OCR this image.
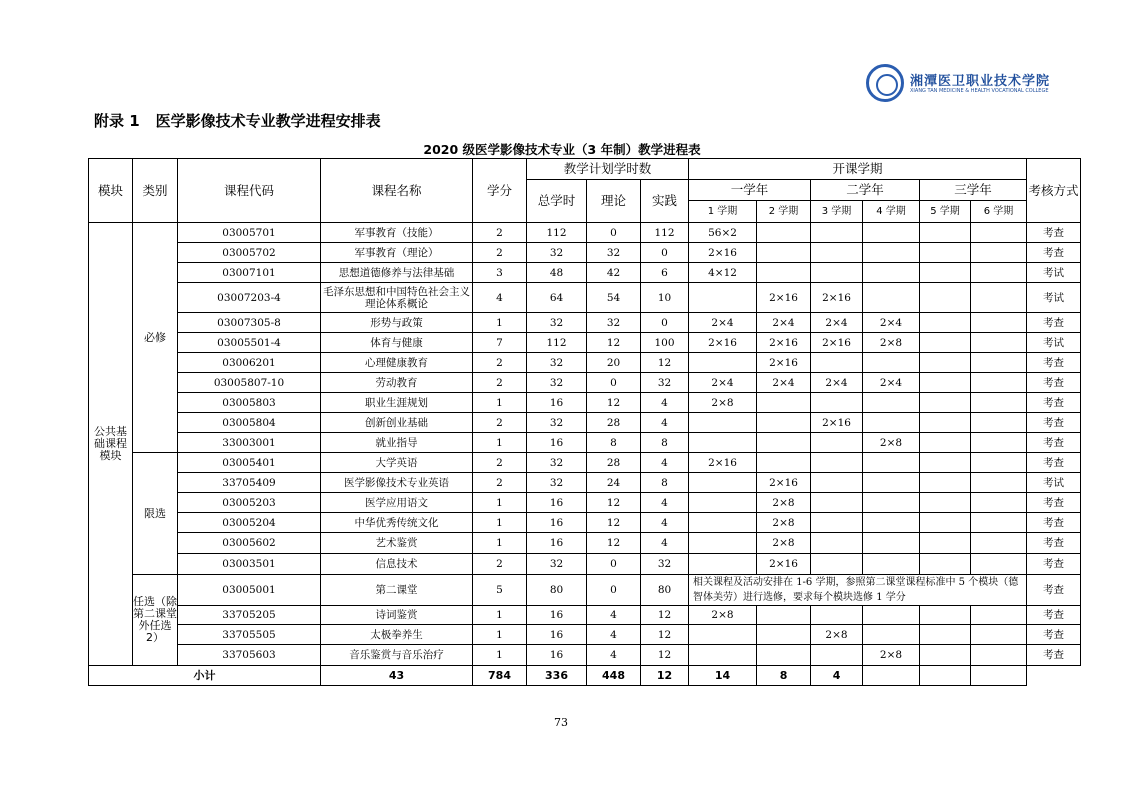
湘潭医卫职业技术学院
XIANG TAN MEDICINE & HEALTH VOCATIONAL COLLEGE
附录 1 医学影像技术专业教学进程安排表
2020 级医学影像技术专业（3 年制）教学进程表
模块	类别	课程代码	课程名称	学分	教学计划学时数			开课学期						考核方式
					总学时	理论	实践	一学年		二学年		三学年		
								1 学期	2 学期	3 学期	4 学期	5 学期	6 学期	
公共基础课程模块	必修	03005701	军事教育（技能）	2	112	0	112	56×2						考查
		03005702	军事教育（理论）	2	32	32	0	2×16						考查
		03007101	思想道德修养与法律基础	3	48	42	6	4×12						考试
		03007203-4	毛泽东思想和中国特色社会主义理论体系概论	4	64	54	10		2×16	2×16				考试
		03007305-8	形势与政策	1	32	32	0	2×4	2×4	2×4	2×4			考查
		03005501-4	体育与健康	7	112	12	100	2×16	2×16	2×16	2×8			考试
		03006201	心理健康教育	2	32	20	12		2×16					考查
		03005807-10	劳动教育	2	32	0	32	2×4	2×4	2×4	2×4			考查
		03005803	职业生涯规划	1	16	12	4	2×8						考查
		03005804	创新创业基础	2	32	28	4			2×16				考查
		33003001	就业指导	1	16	8	8				2×8			考查
	限选	03005401	大学英语	2	32	28	4	2×16						考查
		33705409	医学影像技术专业英语	2	32	24	8		2×16					考试
		03005203	医学应用语文	1	16	12	4		2×8					考查
		03005204	中华优秀传统文化	1	16	12	4		2×8					考查
		03005602	艺术鉴赏	1	16	12	4		2×8					考查
		03003501	信息技术	2	32	0	32		2×16					考查
	任选（除第二课堂外任选 2）	03005001	第二课堂	5	80	0	80	相关课程及活动安排在 1-6 学期，参照第二课堂课程标准中 5 个模块（德智体美劳）进行选修，要求每个模块选修 1 学分						考查
		33705205	诗词鉴赏	1	16	4	12	2×8						考查
		33705505	太极拳养生	1	16	4	12			2×8				考查
		33705603	音乐鉴赏与音乐治疗	1	16	4	12				2×8			考查
小计			43	784	336	448	12	14	8	4				
73
